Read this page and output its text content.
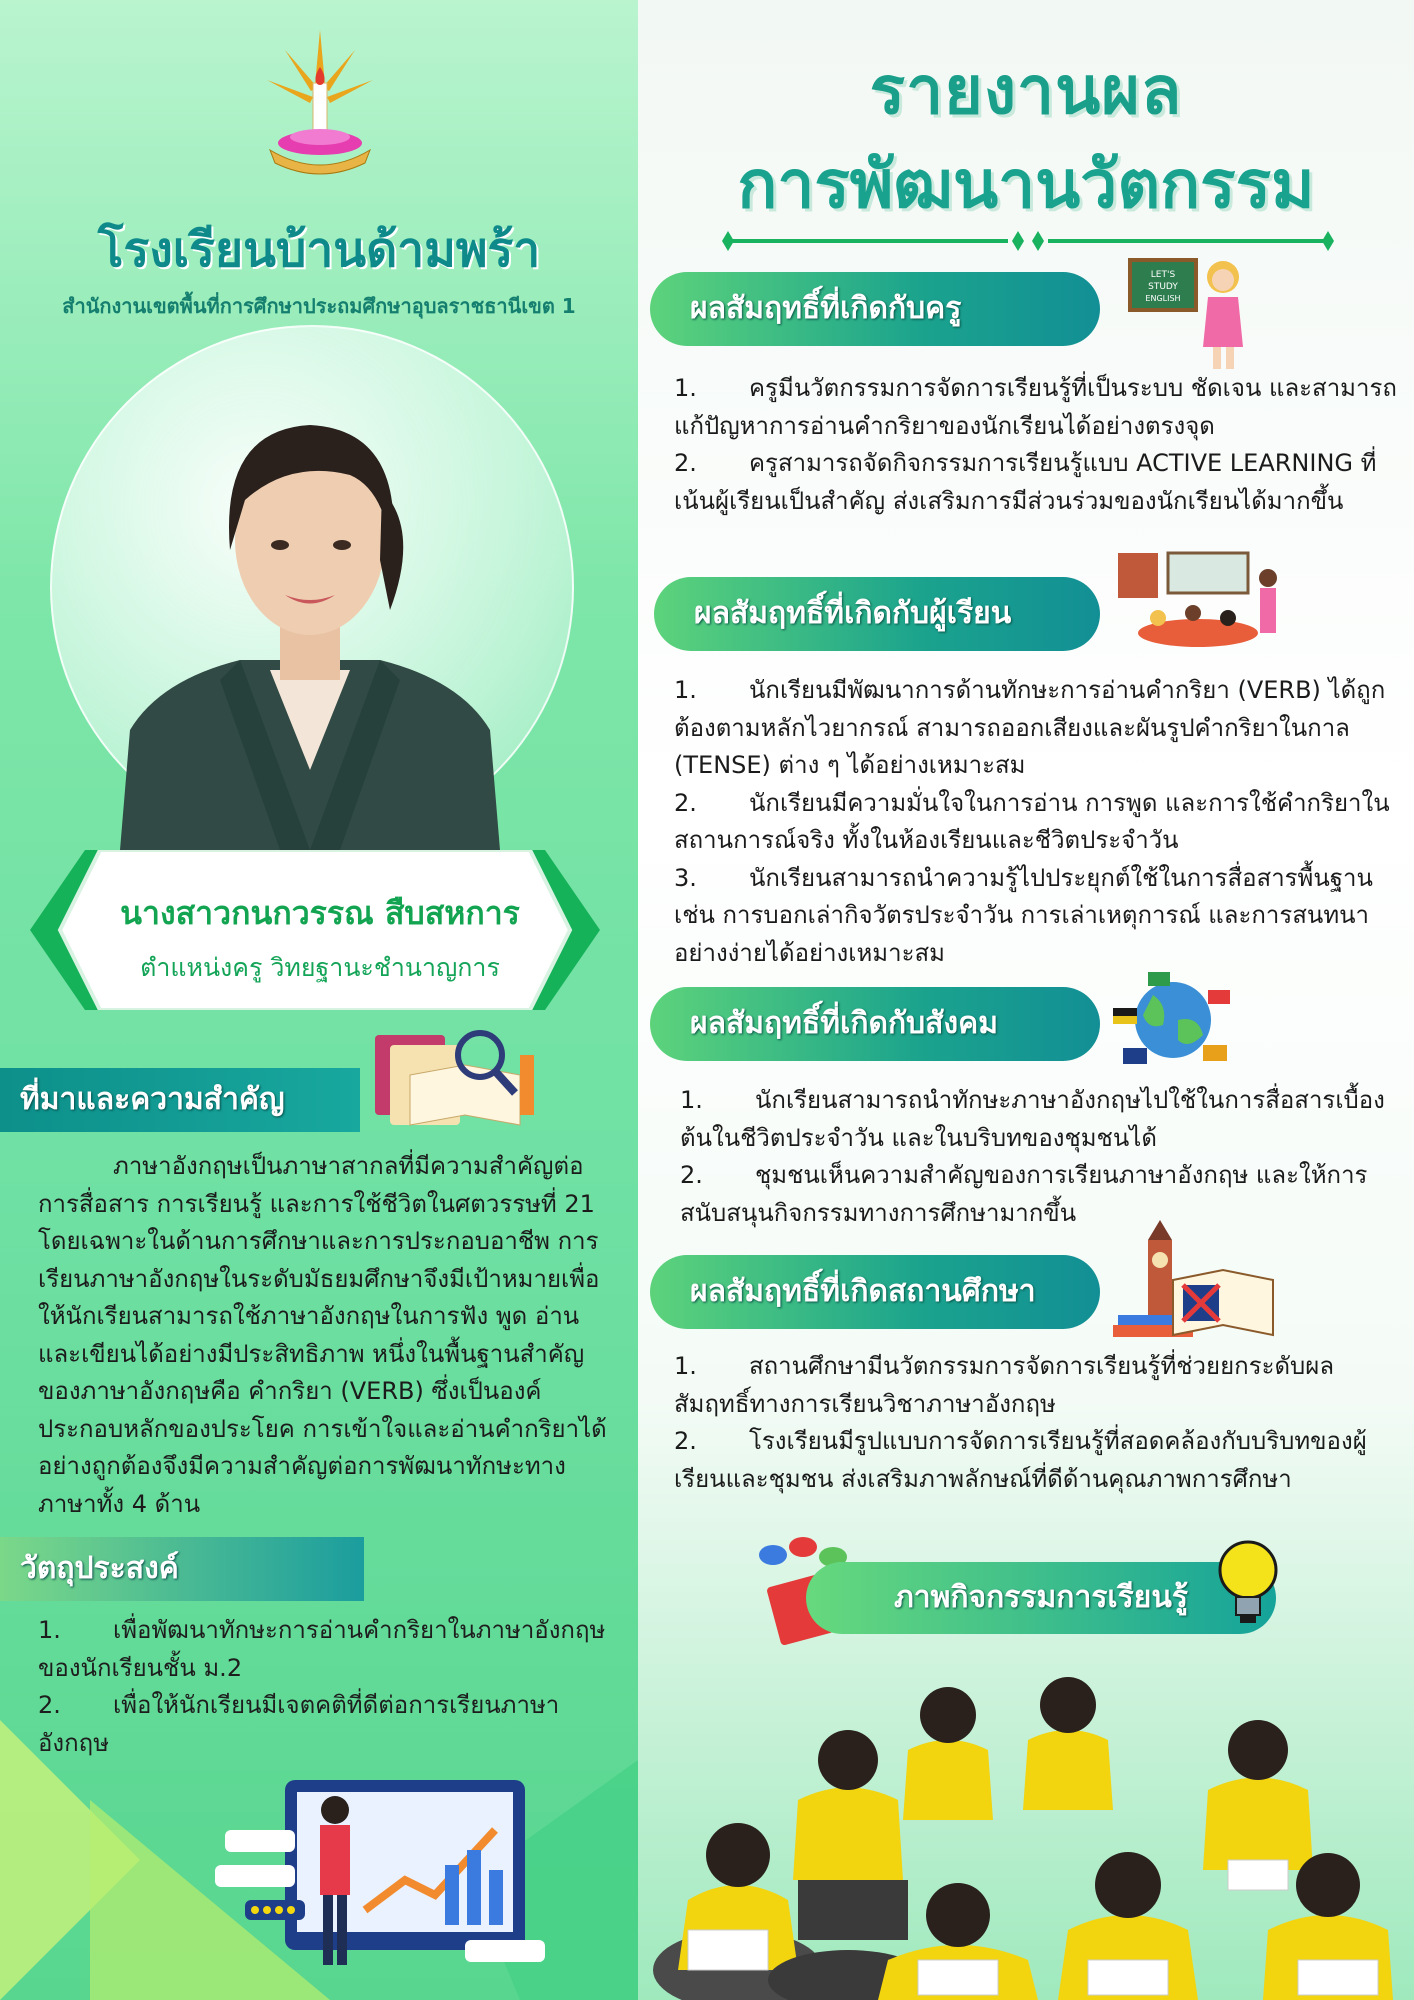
โรงเรียนบ้านด้ามพร้า
สำนักงานเขตพื้นที่การศึกษาประถมศึกษาอุบลราชธานีเขต 1
นางสาวกนกวรรณ สืบสหการ
ตำแหน่งครู วิทยฐานะชำนาญการ
ที่มาและความสำคัญ
ภาษาอังกฤษเป็นภาษาสากลที่มีความสำคัญต่อการสื่อสาร การเรียนรู้ และการใช้ชีวิตในศตวรรษที่ 21 โดยเฉพาะในด้านการศึกษาและการประกอบอาชีพ การเรียนภาษาอังกฤษในระดับมัธยมศึกษาจึงมีเป้าหมายเพื่อให้นักเรียนสามารถใช้ภาษาอังกฤษในการฟัง พูด อ่าน และเขียนได้อย่างมีประสิทธิภาพ หนึ่งในพื้นฐานสำคัญของภาษาอังกฤษคือ คำกริยา (VERB) ซึ่งเป็นองค์ประกอบหลักของประโยค การเข้าใจและอ่านคำกริยาได้อย่างถูกต้องจึงมีความสำคัญต่อการพัฒนาทักษะทางภาษาทั้ง 4 ด้าน
วัตถุประสงค์

1. เพื่อพัฒนาทักษะการอ่านคำกริยาในภาษาอังกฤษของนักเรียนชั้น ม.2

2. เพื่อให้นักเรียนมีเจตคติที่ดีต่อการเรียนภาษาอังกฤษ

รายงานผล
การพัฒนานวัตกรรม
ผลสัมฤทธิ์ที่เกิดกับครู
LET'S
STUDY
ENGLISH
1. ครูมีนวัตกรรมการจัดการเรียนรู้ที่เป็นระบบ ชัดเจน และสามารถแก้ปัญหาการอ่านคำกริยาของนักเรียนได้อย่างตรงจุด
2. ครูสามารถจัดกิจกรรมการเรียนรู้แบบ ACTIVE LEARNING ที่เน้นผู้เรียนเป็นสำคัญ ส่งเสริมการมีส่วนร่วมของนักเรียนได้มากขึ้น
ผลสัมฤทธิ์ที่เกิดกับผู้เรียน
1. นักเรียนมีพัฒนาการด้านทักษะการอ่านคำกริยา (VERB) ได้ถูกต้องตามหลักไวยากรณ์ สามารถออกเสียงและผันรูปคำกริยาในกาล (TENSE) ต่าง ๆ ได้อย่างเหมาะสม
2. นักเรียนมีความมั่นใจในการอ่าน การพูด และการใช้คำกริยาในสถานการณ์จริง ทั้งในห้องเรียนและชีวิตประจำวัน
3. นักเรียนสามารถนำความรู้ไปประยุกต์ใช้ในการสื่อสารพื้นฐาน เช่น การบอกเล่ากิจวัตรประจำวัน การเล่าเหตุการณ์ และการสนทนาอย่างง่ายได้อย่างเหมาะสม
ผลสัมฤทธิ์ที่เกิดกับสังคม
1. นักเรียนสามารถนำทักษะภาษาอังกฤษไปใช้ในการสื่อสารเบื้องต้นในชีวิตประจำวัน และในบริบทของชุมชนได้
2. ชุมชนเห็นความสำคัญของการเรียนภาษาอังกฤษ และให้การสนับสนุนกิจกรรมทางการศึกษามากขึ้น
ผลสัมฤทธิ์ที่เกิดสถานศึกษา
1. สถานศึกษามีนวัตกรรมการจัดการเรียนรู้ที่ช่วยยกระดับผลสัมฤทธิ์ทางการเรียนวิชาภาษาอังกฤษ
2. โรงเรียนมีรูปแบบการจัดการเรียนรู้ที่สอดคล้องกับบริบทของผู้เรียนและชุมชน ส่งเสริมภาพลักษณ์ที่ดีด้านคุณภาพการศึกษา
ภาพกิจกรรมการเรียนรู้
